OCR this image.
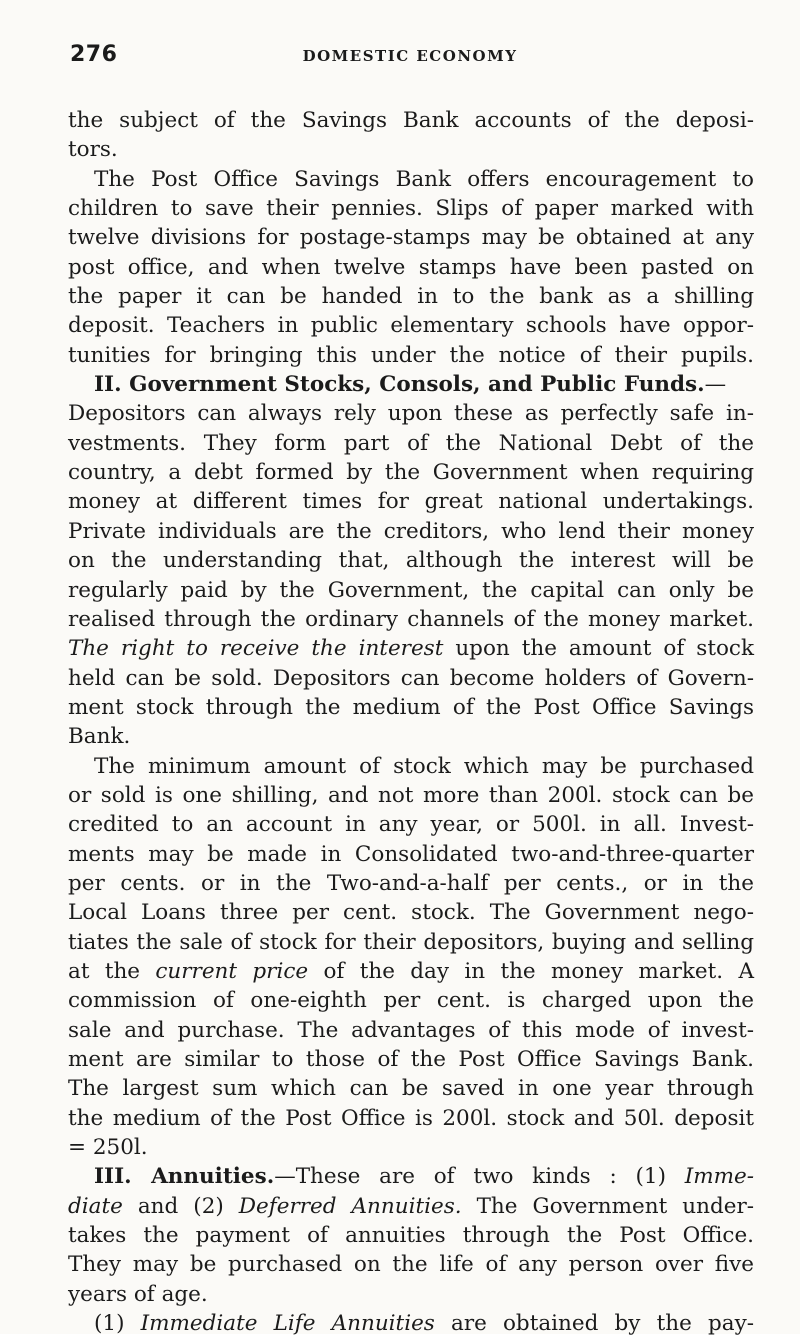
276	DOMESTIC ECONOMY
the subject of the Savings Bank accounts of the deposi-
tors.
The Post Office Savings Bank offers encouragement to
children to save their pennies. Slips of paper marked with
twelve divisions for postage-stamps may be obtained at any
post office, and when twelve stamps have been pasted on
the paper it can be handed in to the bank as a shilling
deposit. Teachers in public elementary schools have oppor-
tunities for bringing this under the notice of their pupils.
II. Government Stocks, Consols, and Public Funds.—
Depositors can always rely upon these as perfectly safe in-
vestments. They form part of the National Debt of the
country, a debt formed by the Government when requiring
money at different times for great national undertakings.
Private individuals are the creditors, who lend their money
on the understanding that, although the interest will be
regularly paid by the Government, the capital can only be
realised through the ordinary channels of the money market.
The right to receive the interest upon the amount of stock
held can be sold. Depositors can become holders of Govern-
ment stock through the medium of the Post Office Savings
Bank.
The minimum amount of stock which may be purchased
or sold is one shilling, and not more than 200l. stock can be
credited to an account in any year, or 500l. in all. Invest-
ments may be made in Consolidated two-and-three-quarter
per cents. or in the Two-and-a-half per cents., or in the
Local Loans three per cent. stock. The Government nego-
tiates the sale of stock for their depositors, buying and selling
at the current price of the day in the money market. A
commission of one-eighth per cent. is charged upon the
sale and purchase. The advantages of this mode of invest-
ment are similar to those of the Post Office Savings Bank.
The largest sum which can be saved in one year through
the medium of the Post Office is 200l. stock and 50l. deposit
= 250l.
III. Annuities.—These are of two kinds : (1) Imme-
diate and (2) Deferred Annuities. The Government under-
takes the payment of annuities through the Post Office.
They may be purchased on the life of any person over five
years of age.
(1) Immediate Life Annuities are obtained by the pay-
